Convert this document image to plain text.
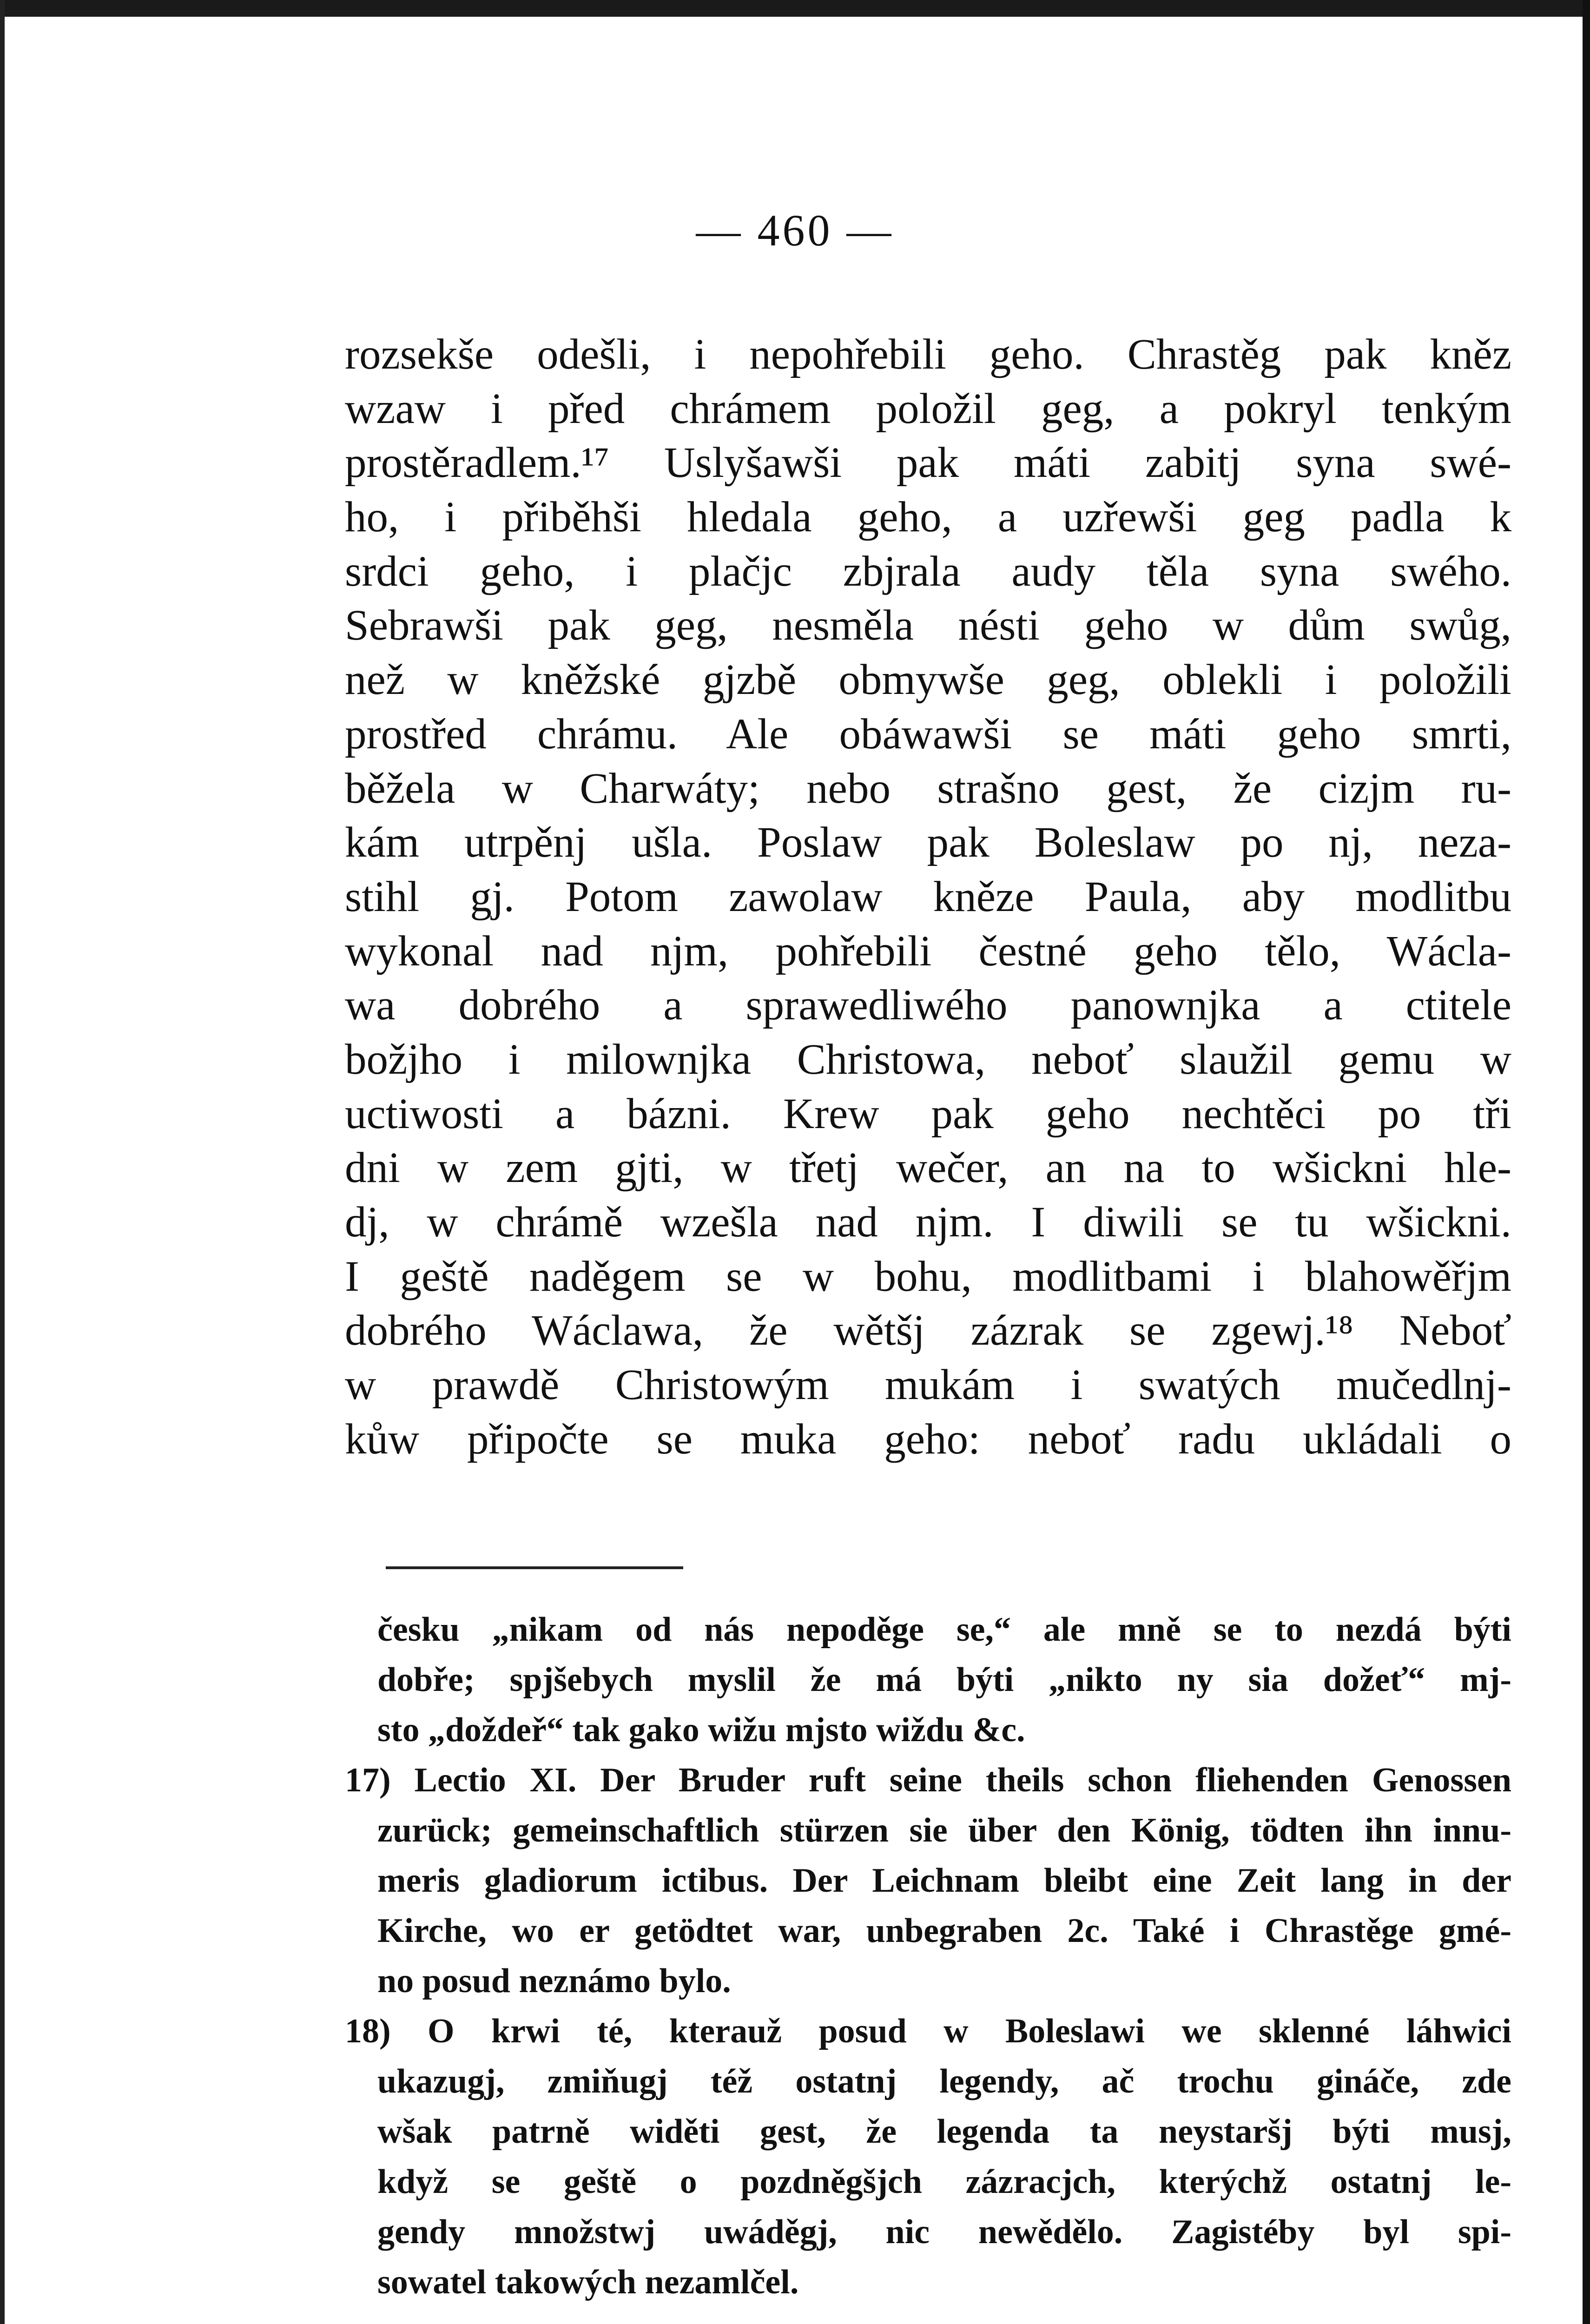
— 460 —
rozsekše odešli, i nepohřebili geho. Chrastěg pak kněz
wzaw i před chrámem položil geg, a pokryl tenkým
prostěradlem.¹⁷ Uslyšawši pak máti zabitj syna swé-
ho, i přiběhši hledala geho, a uzřewši geg padla k
srdci geho, i plačjc zbjrala audy těla syna swého.
Sebrawši pak geg, nesměla nésti geho w dům swůg,
než w kněžské gjzbě obmywše geg, oblekli i položili
prostřed chrámu. Ale obáwawši se máti geho smrti,
běžela w Charwáty; nebo strašno gest, že cizjm ru-
kám utrpěnj ušla. Poslaw pak Boleslaw po nj, neza-
stihl gj. Potom zawolaw kněze Paula, aby modlitbu
wykonal nad njm, pohřebili čestné geho tělo, Wácla-
wa dobrého a sprawedliwého panownjka a ctitele
božjho i milownjka Christowa, neboť slaužil gemu w
uctiwosti a bázni. Krew pak geho nechtěci po tři
dni w zem gjti, w třetj wečer, an na to wšickni hle-
dj, w chrámě wzešla nad njm. I diwili se tu wšickni.
I geště naděgem se w bohu, modlitbami i blahowěřjm
dobrého Wáclawa, že wětšj zázrak se zgewj.¹⁸ Neboť
w prawdě Christowým mukám i swatých mučedlnj-
kůw připočte se muka geho: neboť radu ukládali o
česku „nikam od nás nepoděge se,“ ale mně se to nezdá býti
dobře; spjšebych myslil že má býti „nikto ny sia dožeť“ mj-
sto „doždeř“ tak gako wižu mjsto wiždu &c.
17) Lectio XI. Der Bruder ruft seine theils schon fliehenden Genossen
zurück; gemeinschaftlich stürzen sie über den König, tödten ihn innu-
meris gladiorum ictibus. Der Leichnam bleibt eine Zeit lang in der
Kirche, wo er getödtet war, unbegraben 2c. Také i Chrastěge gmé-
no posud neznámo bylo.
18) O krwi té, kterauž posud w Boleslawi we sklenné láhwici
ukazugj, zmiňugj též ostatnj legendy, ač trochu gináče, zde
wšak patrně widěti gest, že legenda ta neystaršj býti musj,
když se geště o pozdněgšjch zázracjch, kterýchž ostatnj le-
gendy množstwj uwáděgj, nic newědělo. Zagistéby byl spi-
sowatel takowých nezamlčel.
